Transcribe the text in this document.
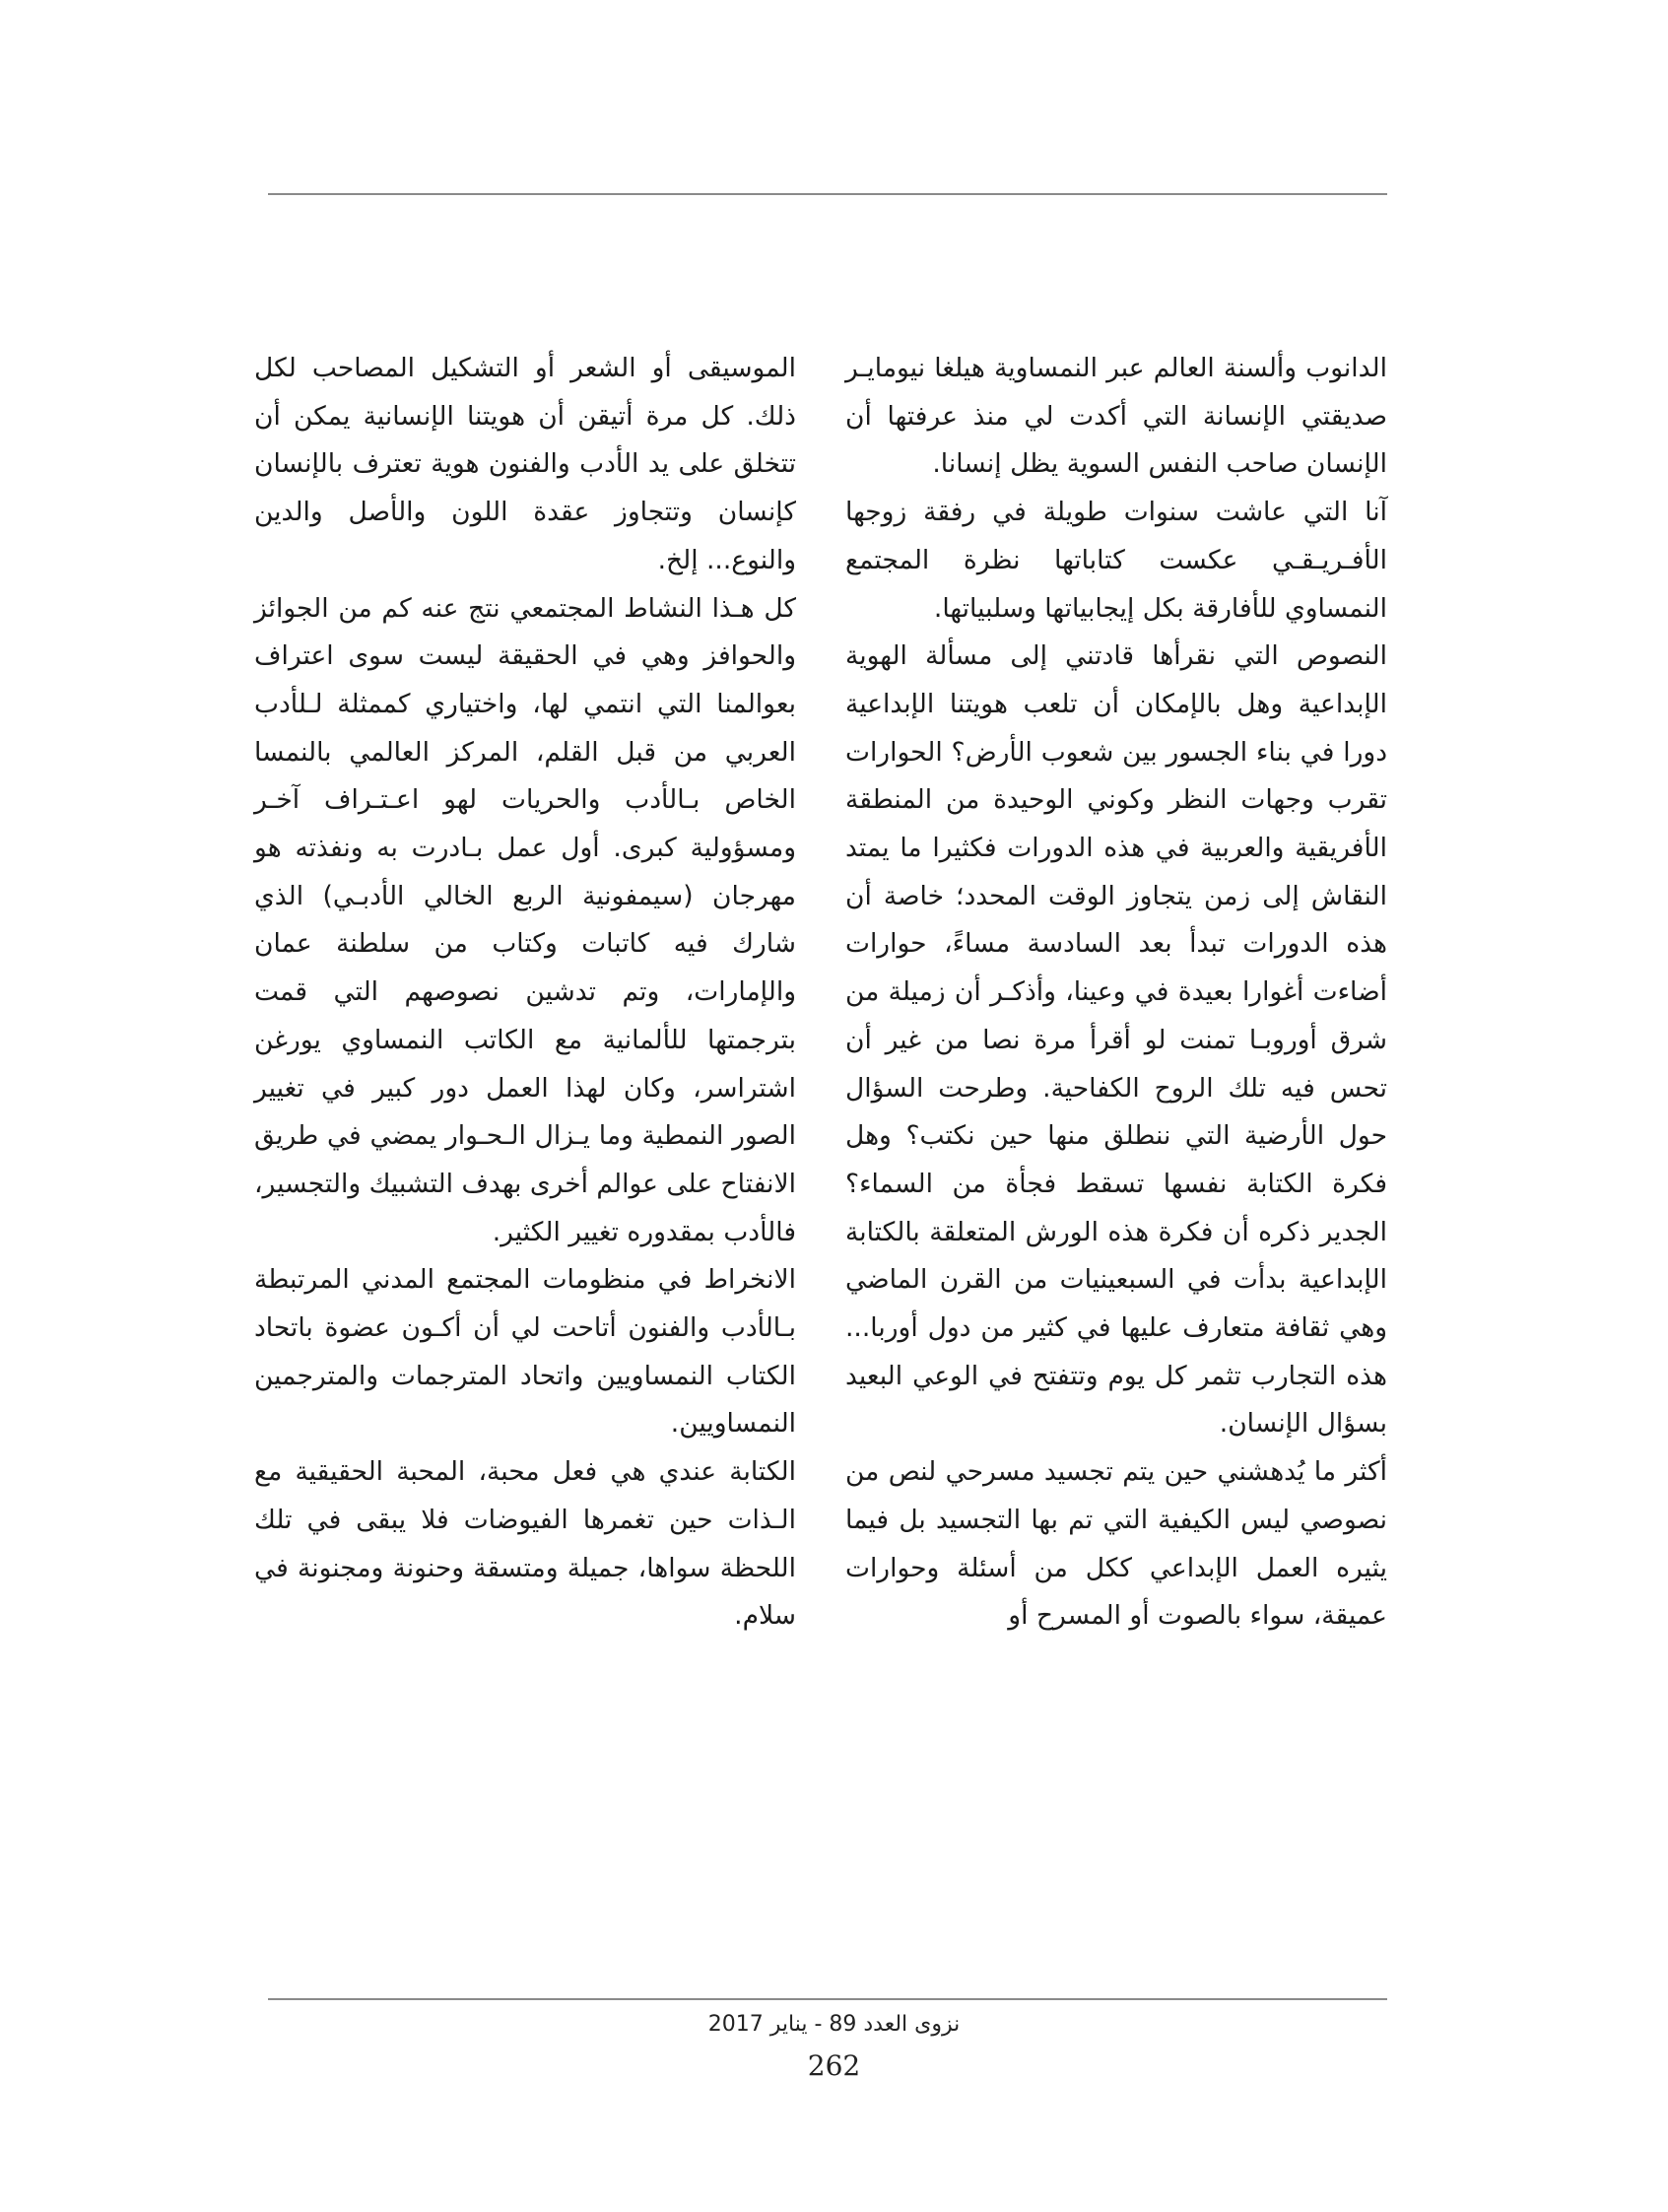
الدانوب وألسنة العالم عبر النمساوية هيلغا نيومايـر صديقتي الإنسانة التي أكدت لي منذ عرفتها أن الإنسان صاحب النفس السوية يظل إنسانا.

آنا التي عاشت سنوات طويلة في رفقة زوجها الأفـريـقـي عكست كتاباتها نظرة المجتمع النمساوي للأفارقة بكل إيجابياتها وسلبياتها.

النصوص التي نقرأها قادتني إلى مسألة الهوية الإبداعية وهل بالإمكان أن تلعب هويتنا الإبداعية دورا في بناء الجسور بين شعوب الأرض؟ الحوارات تقرب وجهات النظر وكوني الوحيدة من المنطقة الأفريقية والعربية في هذه الدورات فكثيرا ما يمتد النقاش إلى زمن يتجاوز الوقت المحدد؛ خاصة أن هذه الدورات تبدأ بعد السادسة مساءً، حوارات أضاءت أغوارا بعيدة في وعينا، وأذكـر أن زميلة من شرق أوروبـا تمنت لو أقرأ مرة نصا من غير أن تحس فيه تلك الروح الكفاحية. وطرحت السؤال حول الأرضية التي ننطلق منها حين نكتب؟ وهل فكرة الكتابة نفسها تسقط فجأة من السماء؟ الجدير ذكره أن فكرة هذه الورش المتعلقة بالكتابة الإبداعية بدأت في السبعينيات من القرن الماضي وهي ثقافة متعارف عليها في كثير من دول أوربا... هذه التجارب تثمر كل يوم وتتفتح في الوعي البعيد بسؤال الإنسان.

أكثر ما يُدهشني حين يتم تجسيد مسرحي لنص من نصوصي ليس الكيفية التي تم بها التجسيد بل فيما يثيره العمل الإبداعي ككل من أسئلة وحوارات عميقة، سواء بالصوت أو المسرح أو

الموسيقى أو الشعر أو التشكيل المصاحب لكل ذلك. كل مرة أتيقن أن هويتنا الإنسانية يمكن أن تتخلق على يد الأدب والفنون هوية تعترف بالإنسان كإنسان وتتجاوز عقدة اللون والأصل والدين والنوع... إلخ.

كل هـذا النشاط المجتمعي نتج عنه كم من الجوائز والحوافز وهي في الحقيقة ليست سوى اعتراف بعوالمنا التي انتمي لها، واختياري كممثلة لـلأدب العربي من قبل القلم، المركز العالمي بالنمسا الخاص بـالأدب والحريات لهو اعـتـراف آخـر ومسؤولية كبرى. أول عمل بـادرت به ونفذته هو مهرجان (سيمفونية الربع الخالي الأدبـي) الذي شارك فيه كاتبات وكتاب من سلطنة عمان والإمارات، وتم تدشين نصوصهم التي قمت بترجمتها للألمانية مع الكاتب النمساوي يورغن اشتراسر، وكان لهذا العمل دور كبير في تغيير الصور النمطية وما يـزال الـحـوار يمضي في طريق الانفتاح على عوالم أخرى بهدف التشبيك والتجسير، فالأدب بمقدوره تغيير الكثير.

الانخراط في منظومات المجتمع المدني المرتبطة بـالأدب والفنون أتاحت لي أن أكـون عضوة باتحاد الكتاب النمساويين واتحاد المترجمات والمترجمين النمساويين.

الكتابة عندي هي فعل محبة، المحبة الحقيقية مع الـذات حين تغمرها الفيوضات فلا يبقى في تلك اللحظة سواها، جميلة ومتسقة وحنونة ومجنونة في سلام.

نزوى العدد 89 - يناير 2017
262
